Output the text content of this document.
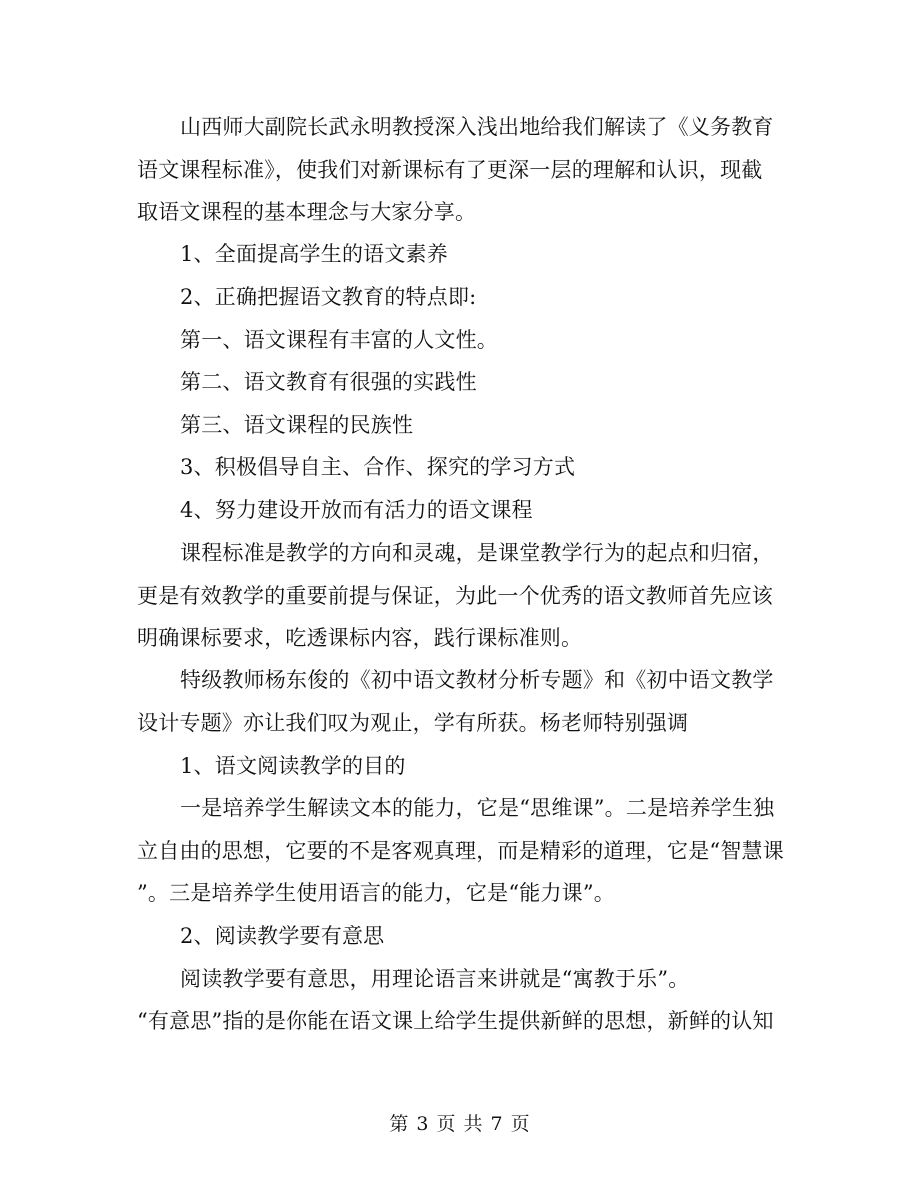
山西师大副院长武永明教授深入浅出地给我们解读了《义务教育
语文课程标准》，使我们对新课标有了更深一层的理解和认识，现截
取语文课程的基本理念与大家分享。
1、全面提高学生的语文素养
2、正确把握语文教育的特点即:
第一、语文课程有丰富的人文性。
第二、语文教育有很强的实践性
第三、语文课程的民族性
3、积极倡导自主、合作、探究的学习方式
4、努力建设开放而有活力的语文课程
课程标准是教学的方向和灵魂，是课堂教学行为的起点和归宿，
更是有效教学的重要前提与保证，为此一个优秀的语文教师首先应该
明确课标要求，吃透课标内容，践行课标准则。
特级教师杨东俊的《初中语文教材分析专题》和《初中语文教学
设计专题》亦让我们叹为观止，学有所获。杨老师特别强调
1、语文阅读教学的目的
一是培养学生解读文本的能力，它是“思维课”。二是培养学生独
立自由的思想，它要的不是客观真理，而是精彩的道理，它是“智慧课
”。三是培养学生使用语言的能力，它是“能力课”。
2、阅读教学要有意思
阅读教学要有意思，用理论语言来讲就是“寓教于乐”。
“有意思”指的是你能在语文课上给学生提供新鲜的思想，新鲜的认知
第 3 页 共 7 页
